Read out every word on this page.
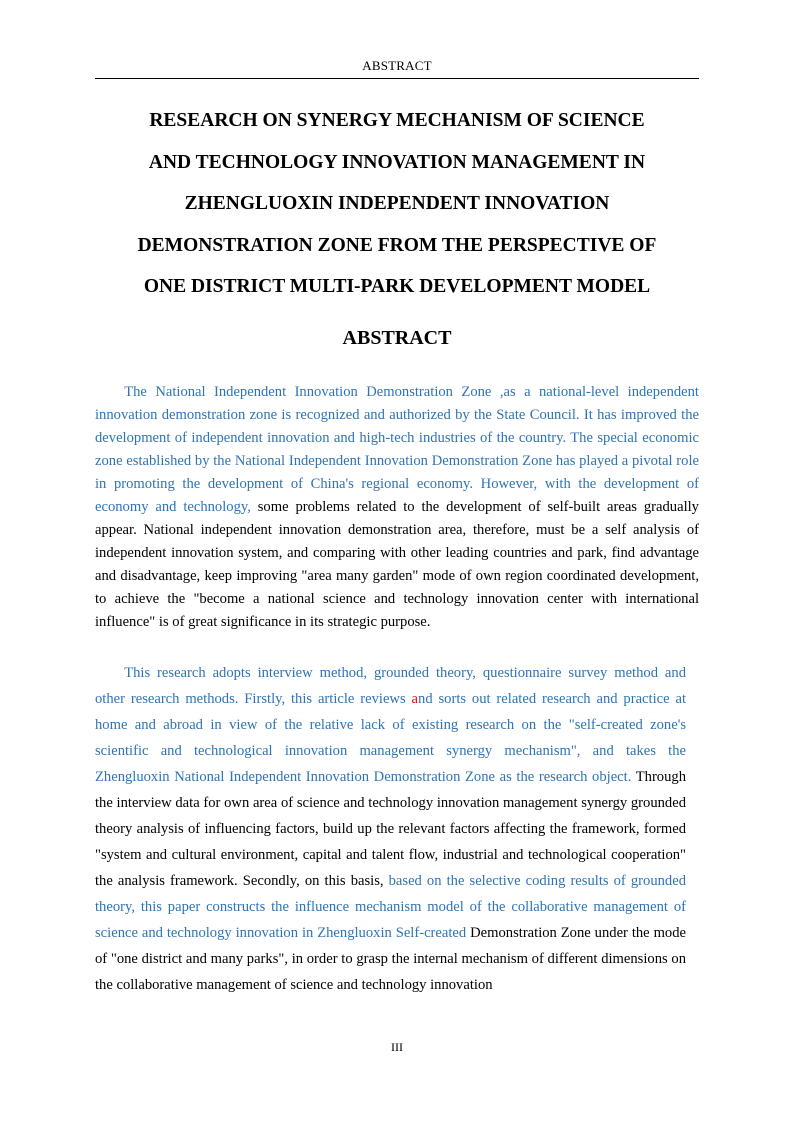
ABSTRACT
RESEARCH ON SYNERGY MECHANISM OF SCIENCE
AND TECHNOLOGY INNOVATION MANAGEMENT IN
ZHENGLUOXIN INDEPENDENT INNOVATION
DEMONSTRATION ZONE FROM THE PERSPECTIVE OF
ONE DISTRICT MULTI-PARK DEVELOPMENT MODEL
ABSTRACT

The National Independent Innovation Demonstration Zone ,as a national-level independent innovation demonstration zone is recognized and authorized by the State Council. It has improved the development of independent innovation and high-tech industries of the country. The special economic zone established by the National Independent Innovation Demonstration Zone has played a pivotal role in promoting the development of China's regional economy. However, with the development of economy and technology, some problems related to the development of self-built areas gradually appear. National independent innovation demonstration area, therefore, must be a self analysis of independent innovation system, and comparing with other leading countries and park, find advantage and disadvantage, keep improving "area many garden" mode of own region coordinated development, to achieve the "become a national science and technology innovation center with international influence" is of great significance in its strategic purpose.

This research adopts interview method, grounded theory, questionnaire survey method and other research methods. Firstly, this article reviews and sorts out related research and practice at home and abroad in view of the relative lack of existing research on the "self-created zone's scientific and technological innovation management synergy mechanism", and takes the Zhengluoxin National Independent Innovation Demonstration Zone as the research object. Through the interview data for own area of science and technology innovation management synergy grounded theory analysis of influencing factors, build up the relevant factors affecting the framework, formed "system and cultural environment, capital and talent flow, industrial and technological cooperation" the analysis framework. Secondly, on this basis, based on the selective coding results of grounded theory, this paper constructs the influence mechanism model of the collaborative management of science and technology innovation in Zhengluoxin Self-created Demonstration Zone under the mode of "one district and many parks", in order to grasp the internal mechanism of different dimensions on the collaborative management of science and technology innovation

III
